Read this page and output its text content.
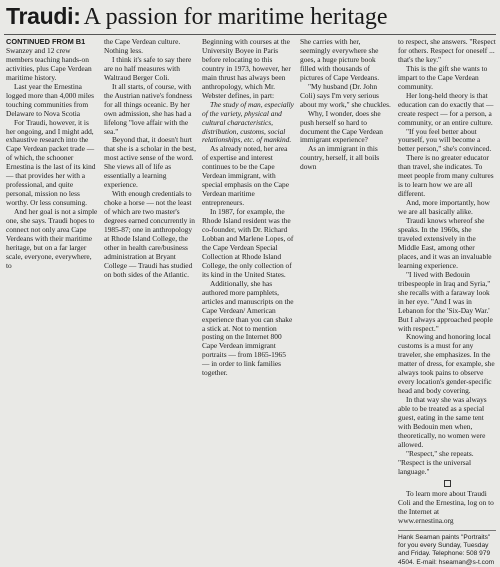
Traudi: A passion for maritime heritage

CONTINUED FROM B1

Swanzey and 12 crew members teaching hands-on activities, plus Cape Verdean maritime history.

Last year the Ernestina logged more than 4,000 miles touching communities from Delaware to Nova Scotia

For Traudi, however, it is her ongoing, and I might add, exhaustive research into the Cape Verdean packet trade — of which, the schooner Ernestina is the last of its kind — that provides her with a professional, and quite personal, mission no less worthy. Or less consuming.

And her goal is not a simple one, she says. Traudi hopes to connect not only area Cape Verdeans with their maritime heritage, but on a far larger scale, everyone, everywhere, to

the Cape Verdean culture. Nothing less.

I think it's safe to say there are no half measures with Waltraud Berger Coli.

It all starts, of course, with the Austrian native's fondness for all things oceanic. By her own admission, she has had a lifelong "love affair with the sea."

Beyond that, it doesn't hurt that she is a scholar in the best, most active sense of the word. She views all of life as essentially a learning experience.

With enough credentials to choke a horse — not the least of which are two master's degrees earned concurrently in 1985-87; one in anthropology at Rhode Island College, the other in health care/business administration at Bryant College — Traudi has studied on both sides of the Atlantic.

Beginning with courses at the University Boyee in Paris before relocating to this country in 1973, however, her main thrust has always been anthropology, which Mr. Webster defines, in part:

The study of man, especially of the variety, physical and cultural characteristics, distribution, customs, social relationships, etc. of mankind.

As already noted, her area of expertise and interest continues to be the Cape Verdean immigrant, with special emphasis on the Cape Verdean maritime entrepreneurs.

In 1987, for example, the Rhode Island resident was the co-founder, with Dr. Richard Lobban and Marlene Lopes, of the Cape Verdean Special Collection at Rhode Island College, the only collection of its kind in the United States.

Additionally, she has authored more pamphlets, articles and manuscripts on the Cape Verdean/ American experience than you can shake a stick at. Not to mention posting on the Internet 800 Cape Verdean immigrant portraits — from 1865-1965 — in order to link families together.

She carries with her, seemingly everywhere she goes, a huge picture book filled with thousands of pictures of Cape Verdeans.

"My husband (Dr. John Coli) says I'm very serious about my work," she chuckles.

Why, I wonder, does she push herself so hard to document the Cape Verdean immigrant experience?

As an immigrant in this country, herself, it all boils down

to respect, she answers. "Respect for others. Respect for oneself ... that's the key."

This is the gift she wants to impart to the Cape Verdean community.

Her long-held theory is that education can do exactly that —create respect — for a person, a community, or an entire culture.

"If you feel better about yourself, you will become a better person," she's convinced.

There is no greater educator than travel, she indicates. To meet people from many cultures is to learn how we are all different.

And, more importantly, how we are all basically alike.

Traudi knows whereof she speaks. In the 1960s, she traveled extensively in the Middle East, among other places, and it was an invaluable learning experience.

"I lived with Bedouin tribespeople in Iraq and Syria," she recalls with a faraway look in her eye. "And I was in Lebanon for the 'Six-Day War.' But I always approached people with respect."

Knowing and honoring local customs is a must for any traveler, she emphasizes. In the matter of dress, for example, she always took pains to observe every location's gender-specific head and body covering.

In that way she was always able to be treated as a special guest, eating in the same tent with Bedouin men when, theoretically, no women were allowed.

"Respect," she repeats. "Respect is the universal language."

To learn more about Traudi Coli and the Ernestina, log on to the Internet at www.ernestina.org

Hank Seaman paints "Portraits" for you every Sunday, Tuesday and Friday. Telephone: 508 979 4504. E-mail: hseaman@s-t.com
